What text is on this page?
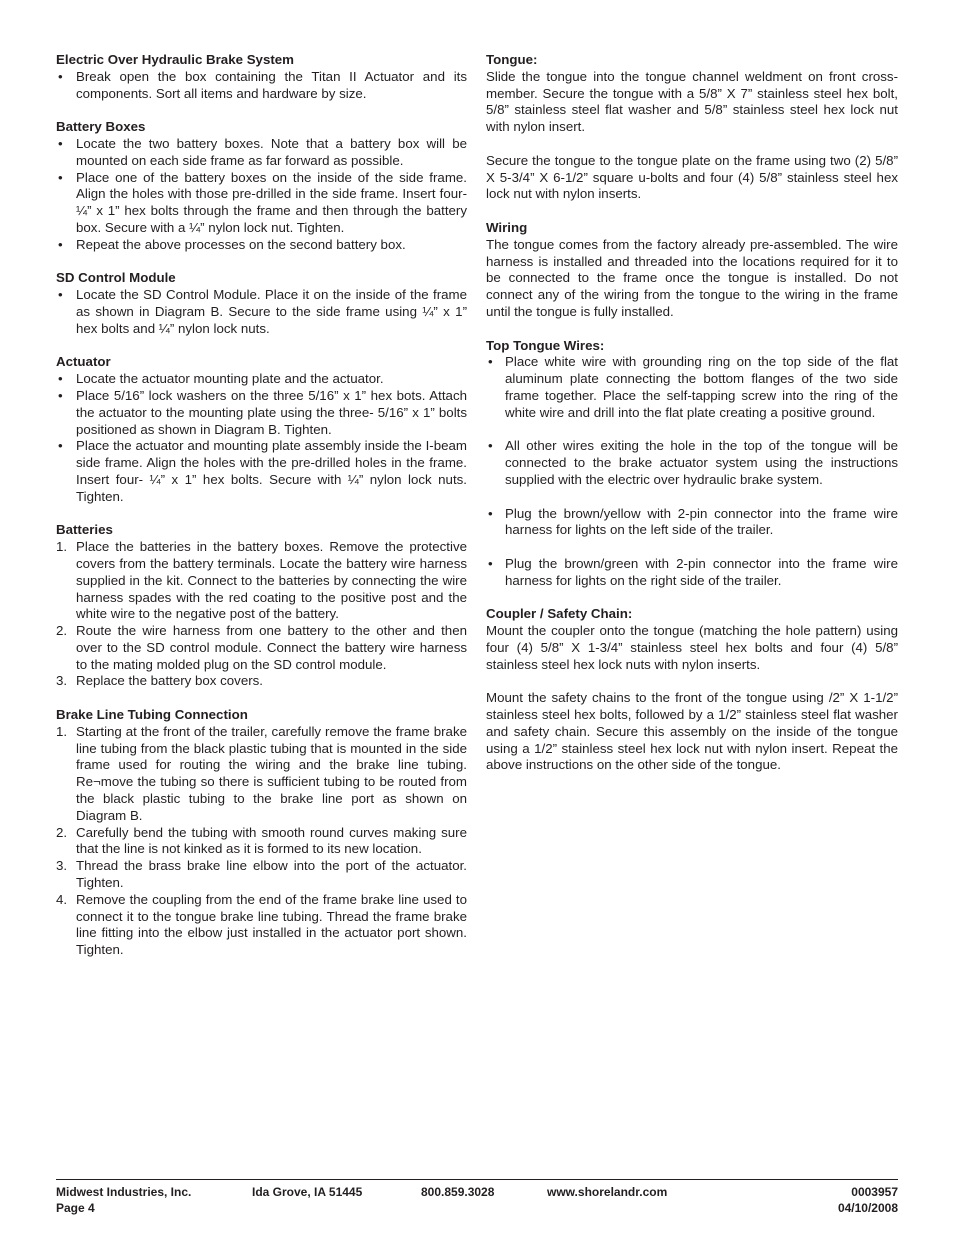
Electric Over Hydraulic Brake System

• Break open the box containing the Titan II Actuator and its components. Sort all items and hardware by size.

Battery Boxes

• Locate the two battery boxes. Note that a battery box will be mounted on each side frame as far forward as possible.
• Place one of the battery boxes on the inside of the side frame. Align the holes with those pre-drilled in the side frame. Insert four- ¼” x 1” hex bolts through the frame and then through the battery box. Secure with a ¼” nylon lock nut. Tighten.
• Repeat the above processes on the second battery box.

SD Control Module

• Locate the SD Control Module. Place it on the inside of the frame as shown in Diagram B. Secure to the side frame using ¼” x 1” hex bolts and ¼” nylon lock nuts.

Actuator

• Locate the actuator mounting plate and the actuator.
• Place 5/16” lock washers on the three 5/16” x 1” hex bots. Attach the actuator to the mounting plate using the three- 5/16” x 1” bolts positioned as shown in Diagram B. Tighten.
• Place the actuator and mounting plate assembly inside the I-beam side frame. Align the holes with the pre-drilled holes in the frame. Insert four- ¼” x 1” hex bolts. Secure with ¼” nylon lock nuts. Tighten.

Batteries

1. Place the batteries in the battery boxes. Remove the protective covers from the battery terminals. Locate the battery wire harness supplied in the kit. Connect to the batteries by connecting the wire harness spades with the red coating to the positive post and the white wire to the negative post of the battery.
2. Route the wire harness from one battery to the other and then over to the SD control module. Connect the battery wire harness to the mating molded plug on the SD control module.
3. Replace the battery box covers.

Brake Line Tubing Connection

1. Starting at the front of the trailer, carefully remove the frame brake line tubing from the black plastic tubing that is mounted in the side frame used for routing the wiring and the brake line tubing. Re¬move the tubing so there is sufficient tubing to be routed from the black plastic tubing to the brake line port as shown on Diagram B.
2. Carefully bend the tubing with smooth round curves making sure that the line is not kinked as it is formed to its new location.
3. Thread the brass brake line elbow into the port of the actuator. Tighten.
4. Remove the coupling from the end of the frame brake line used to connect it to the tongue brake line tubing. Thread the frame brake line fitting into the elbow just installed in the actuator port shown. Tighten.

Tongue:

Slide the tongue into the tongue channel weldment on front cross-member. Secure the tongue with a 5/8” X 7” stainless steel hex bolt, 5/8” stainless steel flat washer and 5/8” stainless steel hex lock nut with nylon insert.

Secure the tongue to the tongue plate on the frame using two (2) 5/8” X 5-3/4” X 6-1/2” square u-bolts and four (4) 5/8” stainless steel hex lock nut with nylon inserts.

Wiring

The tongue comes from the factory already pre-assembled. The wire harness is installed and threaded into the locations required for it to be connected to the frame once the tongue is installed. Do not connect any of the wiring from the tongue to the wiring in the frame until the tongue is fully installed.

Top Tongue Wires:

• Place white wire with grounding ring on the top side of the flat aluminum plate connecting the bottom flanges of the two side frame together. Place the self-tapping screw into the ring of the white wire and drill into the flat plate creating a positive ground.
• All other wires exiting the hole in the top of the tongue will be connected to the brake actuator system using the instructions supplied with the electric over hydraulic brake system.
• Plug the brown/yellow with 2-pin connector into the frame wire harness for lights on the left side of the trailer.
• Plug the brown/green with 2-pin connector into the frame wire harness for lights on the right side of the trailer.

Coupler / Safety Chain:

Mount the coupler onto the tongue (matching the hole pattern) using four (4) 5/8” X 1-3/4” stainless steel hex bolts and four (4) 5/8” stainless steel hex lock nuts with nylon inserts.

Mount the safety chains to the front of the tongue using /2” X 1-1/2” stainless steel hex bolts, followed by a 1/2” stainless steel flat washer and safety chain. Secure this assembly on the inside of the tongue using a 1/2” stainless steel hex lock nut with nylon insert. Repeat the above instructions on the other side of the tongue.

Midwest Industries, Inc.
Page 4
Ida Grove, IA 51445	800.859.3028	www.shorelandr.com	0003957
04/10/2008
